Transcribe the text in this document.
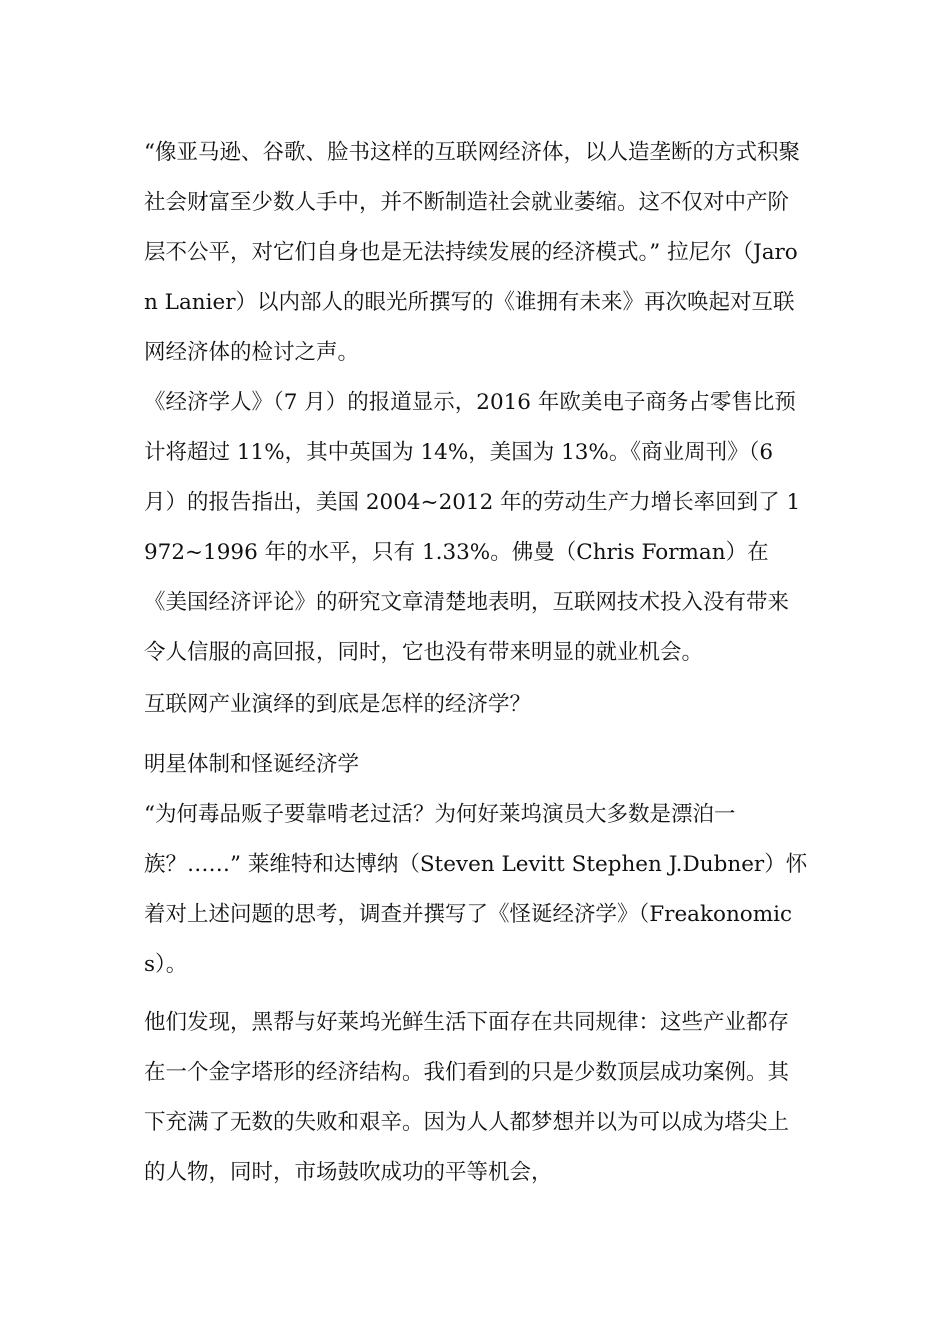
“像亚马逊、谷歌、脸书这样的互联网经济体，以人造垄断的方式积聚社会财富至少数人手中，并不断制造社会就业萎缩。这不仅对中产阶层不公平，对它们自身也是无法持续发展的经济模式。” 拉尼尔（Jaron Lanier）以内部人的眼光所撰写的《谁拥有未来》再次唤起对互联网经济体的检讨之声。

《经济学人》（7 月）的报道显示，2016 年欧美电子商务占零售比预计将超过 11%，其中英国为 14%，美国为 13%。《商业周刊》（6 月）的报告指出，美国 2004~2012 年的劳动生产力增长率回到了 1972~1996 年的水平，只有 1.33%。佛曼（Chris Forman）在《美国经济评论》的研究文章清楚地表明，互联网技术投入没有带来令人信服的高回报，同时，它也没有带来明显的就业机会。

互联网产业演绎的到底是怎样的经济学？

明星体制和怪诞经济学

“为何毒品贩子要靠啃老过活？为何好莱坞演员大多数是漂泊一族？……” 莱维特和达博纳（Steven Levitt Stephen J.Dubner）怀着对上述问题的思考，调查并撰写了《怪诞经济学》（Freakonomics）。

他们发现，黑帮与好莱坞光鲜生活下面存在共同规律：这些产业都存在一个金字塔形的经济结构。我们看到的只是少数顶层成功案例。其下充满了无数的失败和艰辛。因为人人都梦想并以为可以成为塔尖上的人物，同时，市场鼓吹成功的平等机会，
